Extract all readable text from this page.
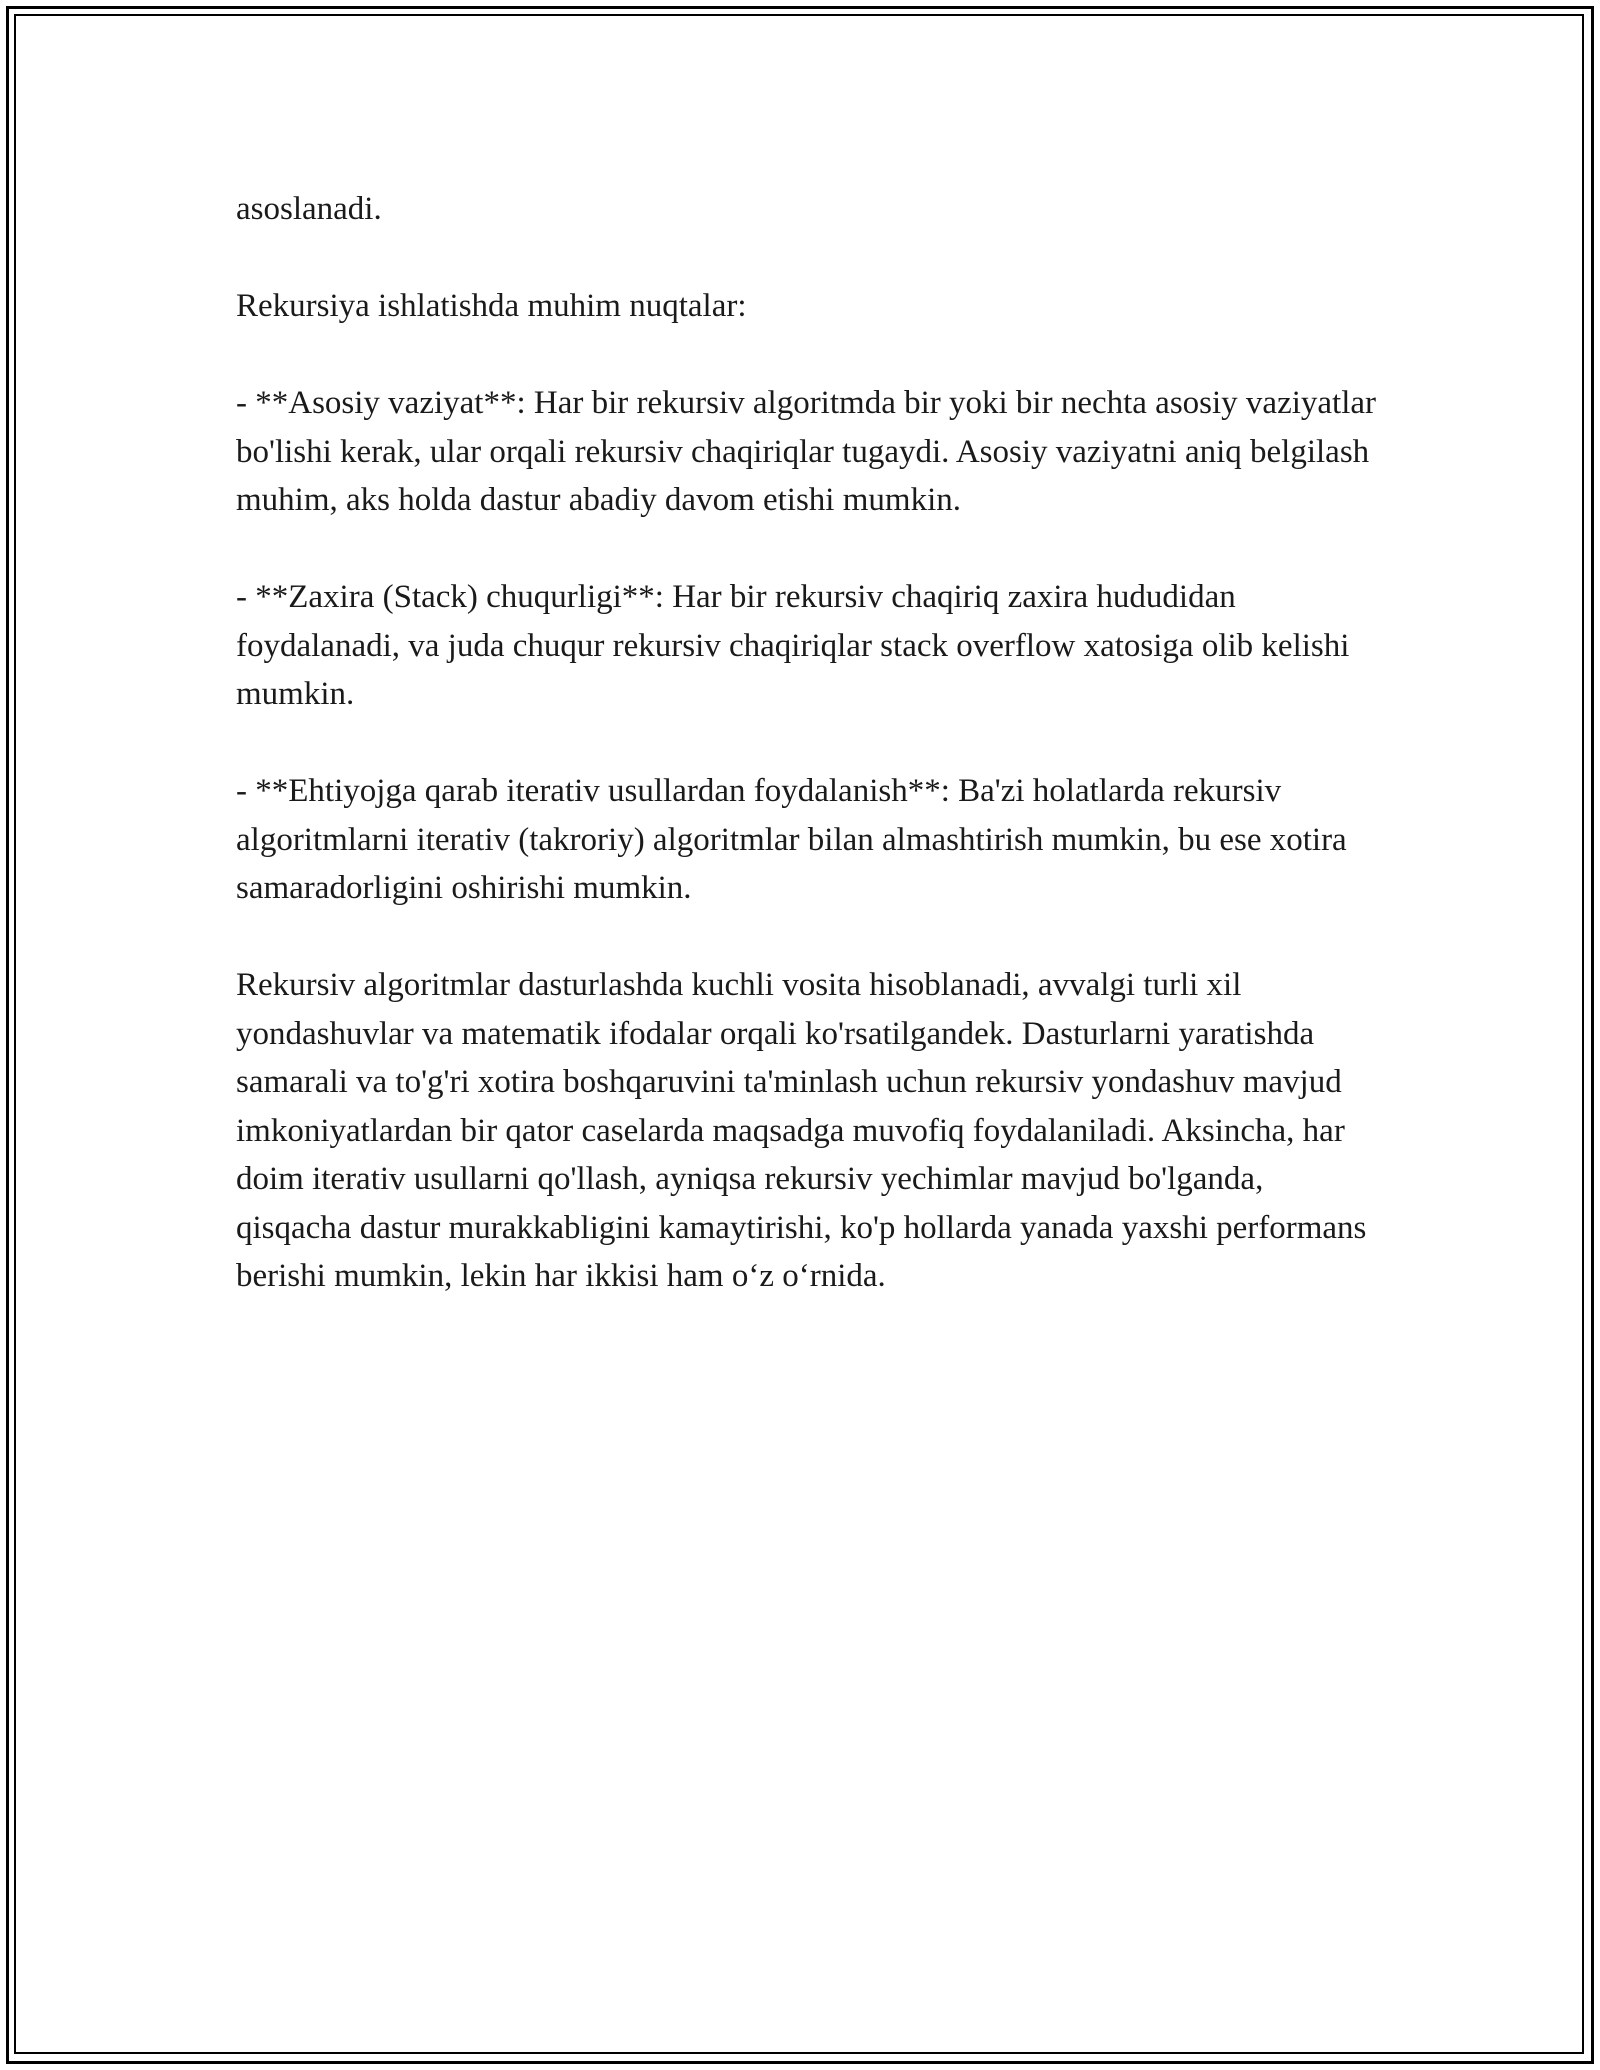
asoslanadi.

Rekursiya ishlatishda muhim nuqtalar:

- **Asosiy vaziyat**: Har bir rekursiv algoritmda bir yoki bir nechta asosiy vaziyatlar bo'lishi kerak, ular orqali rekursiv chaqiriqlar tugaydi. Asosiy vaziyatni aniq belgilash muhim, aks holda dastur abadiy davom etishi mumkin.

- **Zaxira (Stack) chuqurligi**: Har bir rekursiv chaqiriq zaxira hududidan foydalanadi, va juda chuqur rekursiv chaqiriqlar stack overflow xatosiga olib kelishi mumkin.

- **Ehtiyojga qarab iterativ usullardan foydalanish**: Ba'zi holatlarda rekursiv algoritmlarni iterativ (takroriy) algoritmlar bilan almashtirish mumkin, bu ese xotira samaradorligini oshirishi mumkin.

Rekursiv algoritmlar dasturlashda kuchli vosita hisoblanadi, avvalgi turli xil yondashuvlar va matematik ifodalar orqali ko'rsatilgandek. Dasturlarni yaratishda samarali va to'g'ri xotira boshqaruvini ta'minlash uchun rekursiv yondashuv mavjud imkoniyatlardan bir qator caselarda maqsadga muvofiq foydalaniladi. Aksincha, har doim iterativ usullarni qo'llash, ayniqsa rekursiv yechimlar mavjud bo'lganda, qisqacha dastur murakkabligini kamaytirishi, ko'p hollarda yanada yaxshi performans berishi mumkin, lekin har ikkisi ham o‘z o‘rnida.
